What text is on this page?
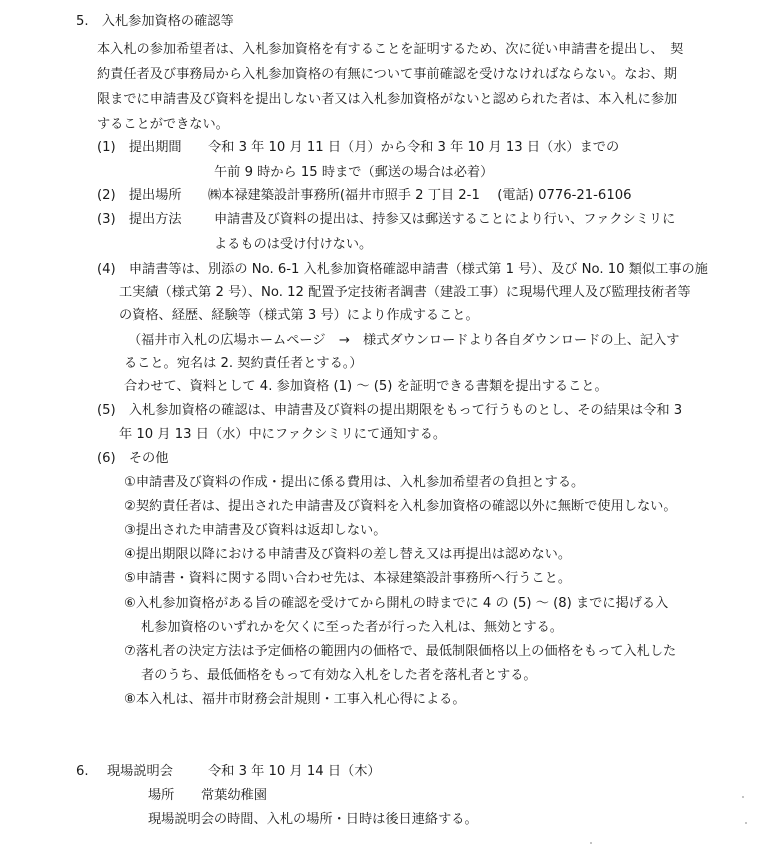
5.　入札参加資格の確認等
本入札の参加希望者は、入札参加資格を有することを証明するため、次に従い申請書を提出し、　契
約責任者及び事務局から入札参加資格の有無について事前確認を受けなければならない。なお、期
限までに申請書及び資料を提出しない者又は入札参加資格がないと認められた者は、本入札に参加
することができない。
(1)　提出期間 令和 3 年 10 月 11 日（月）から令和 3 年 10 月 13 日（水）までの
午前 9 時から 15 時まで（郵送の場合は必着）
(2)　提出場所 ㈱本禄建築設計事務所(福井市照手 2 丁目 2-1　 (電話) 0776-21-6106
(3)　提出方法 申請書及び資料の提出は、持参又は郵送することにより行い、ファクシミリに
よるものは受け付けない。
(4)　申請書等は、別添の No. 6-1 入札参加資格確認申請書（様式第 1 号）、及び No. 10 類似工事の施
工実績（様式第 2 号）、No. 12 配置予定技術者調書（建設工事）に現場代理人及び監理技術者等
の資格、経歴、経験等（様式第 3 号）により作成すること。
（福井市入札の広場ホームページ　→　様式ダウンロードより各自ダウンロードの上、記入す
ること。宛名は 2. 契約責任者とする。）
合わせて、資料として 4. 参加資格 (1) ～ (5) を証明できる書類を提出すること。
(5)　入札参加資格の確認は、申請書及び資料の提出期限をもって行うものとし、その結果は令和 3
年 10 月 13 日（水）中にファクシミリにて通知する。
(6)　その他
①申請書及び資料の作成・提出に係る費用は、入札参加希望者の負担とする。
②契約責任者は、提出された申請書及び資料を入札参加資格の確認以外に無断で使用しない。
③提出された申請書及び資料は返却しない。
④提出期限以降における申請書及び資料の差し替え又は再提出は認めない。
⑤申請書・資料に関する問い合わせ先は、本禄建築設計事務所へ行うこと。
⑥入札参加資格がある旨の確認を受けてから開札の時までに 4 の (5) ～ (8) までに掲げる入
札参加資格のいずれかを欠くに至った者が行った入札は、無効とする。
⑦落札者の決定方法は予定価格の範囲内の価格で、最低制限価格以上の価格をもって入札した
者のうち、最低価格をもって有効な入札をした者を落札者とする。
⑧本入札は、福井市財務会計規則・工事入札心得による。
6. 現場説明会	令和 3 年 10 月 14 日（木）
場所 常葉幼稚園
現場説明会の時間、入札の場所・日時は後日連絡する。
